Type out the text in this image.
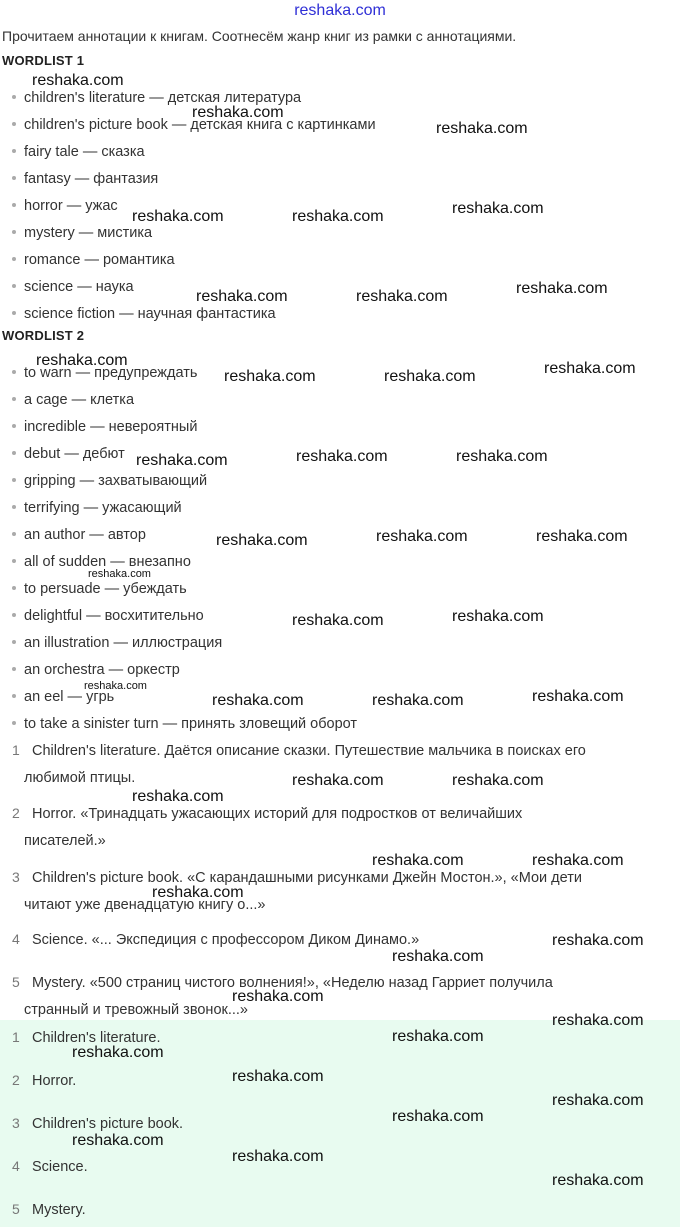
reshaka.com
Прочитаем аннотации к книгам. Соотнесём жанр книг из рамки с аннотациями.
WORDLIST 1
children's literature — детская литература
children's picture book — детская книга с картинками
fairy tale — сказка
fantasy — фантазия
horror — ужас
mystery — мистика
romance — романтика
science — наука
science fiction — научная фантастика
WORDLIST 2
to warn — предупреждать
a cage — клетка
incredible — невероятный
debut — дебют
gripping — захватывающий
terrifying — ужасающий
an author — автор
all of sudden — внезапно
to persuade — убеждать
delightful — восхитительно
an illustration — иллюстрация
an orchestra — оркестр
an eel — угрь
to take a sinister turn — принять зловещий оборот
1 Children's literature. Даётся описание сказки. Путешествие мальчика в поисках его
любимой птицы.
2 Horror. «Тринадцать ужасающих историй для подростков от величайших
писателей.»
3 Children's picture book. «С карандашными рисунками Джейн Мостон.», «Мои дети
читают уже двенадцатую книгу о...»
4 Science. «... Экспедиция с профессором Диком Динамо.»
5 Mystery. «500 страниц чистого волнения!», «Неделю назад Гарриет получила
странный и тревожный звонок...»
1 Children's literature.
2 Horror.
3 Children's picture book.
4 Science.
5 Mystery.
reshaka.com
reshaka.com
reshaka.com
reshaka.com	reshaka.com	reshaka.com
reshaka.com	reshaka.com	reshaka.com
reshaka.com
reshaka.com	reshaka.com	reshaka.com
reshaka.com	reshaka.com	reshaka.com
reshaka.com	reshaka.com	reshaka.com
reshaka.com
reshaka.com	reshaka.com
reshaka.com
reshaka.com	reshaka.com	reshaka.com
reshaka.com	reshaka.com
reshaka.com
reshaka.com	reshaka.com
reshaka.com
reshaka.com
reshaka.com
reshaka.com
reshaka.com
reshaka.com
reshaka.com
reshaka.com
reshaka.com
reshaka.com
reshaka.com
reshaka.com
reshaka.com
